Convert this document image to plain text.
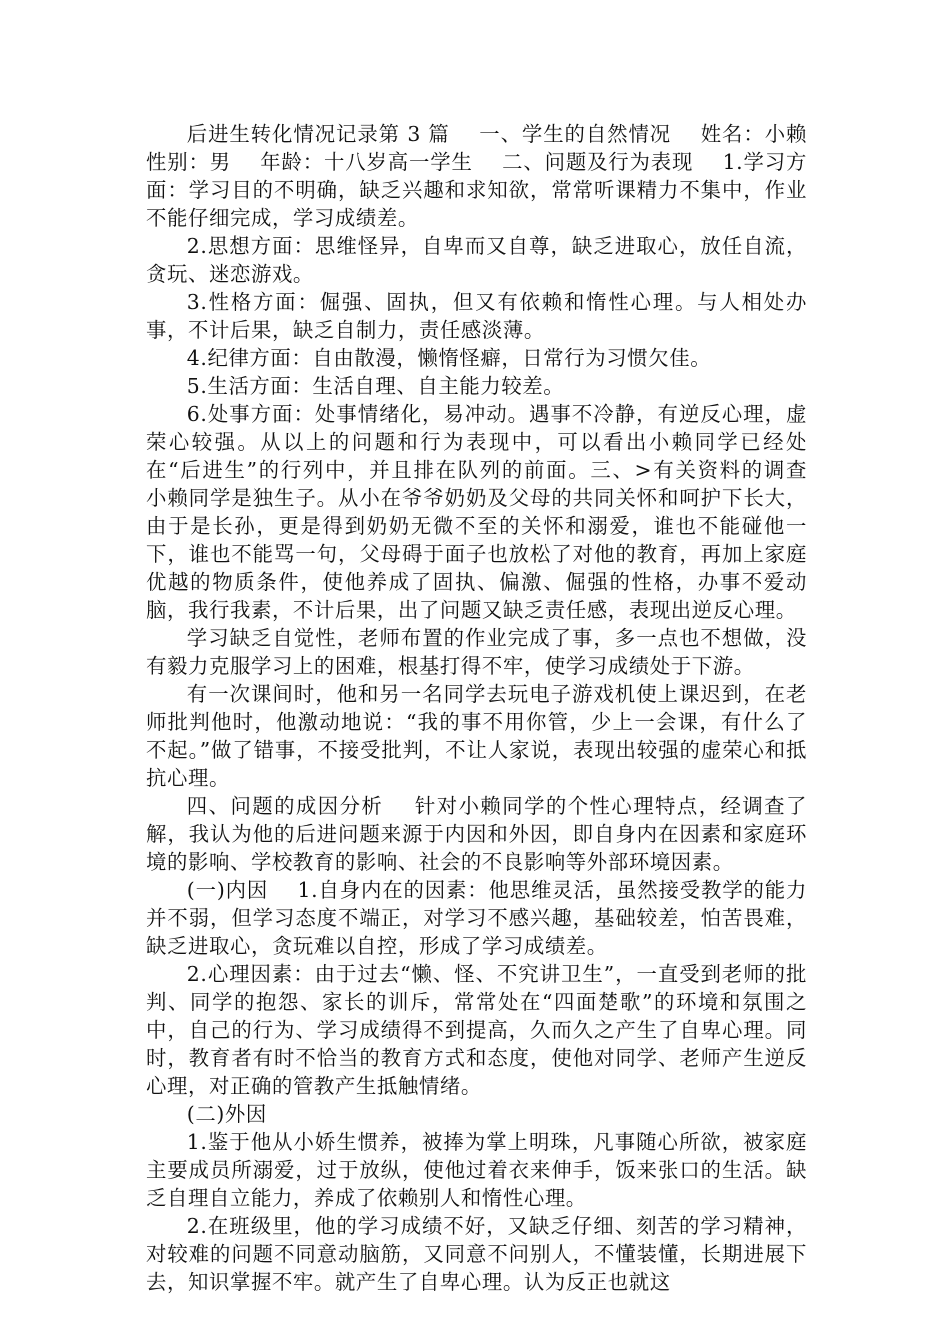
后进生转化情况记录第 3 篇    一、学生的自然情况    姓名：小赖    性别：男    年龄：十八岁高一学生    二、问题及行为表现    1.学习方面：学习目的不明确，缺乏兴趣和求知欲，常常听课精力不集中，作业不能仔细完成，学习成绩差。

2.思想方面：思维怪异，自卑而又自尊，缺乏进取心，放任自流，贪玩、迷恋游戏。

3.性格方面：倔强、固执，但又有依赖和惰性心理。与人相处办事，不计后果，缺乏自制力，责任感淡薄。

4.纪律方面：自由散漫，懒惰怪癖，日常行为习惯欠佳。

5.生活方面：生活自理、自主能力较差。

6.处事方面：处事情绪化，易冲动。遇事不冷静，有逆反心理，虚荣心较强。从以上的问题和行为表现中，可以看出小赖同学已经处在“后进生”的行列中，并且排在队列的前面。三、>有关资料的调查    小赖同学是独生子。从小在爷爷奶奶及父母的共同关怀和呵护下长大，由于是长孙，更是得到奶奶无微不至的关怀和溺爱，谁也不能碰他一下，谁也不能骂一句，父母碍于面子也放松了对他的教育，再加上家庭优越的物质条件，使他养成了固执、偏激、倔强的性格，办事不爱动脑，我行我素，不计后果，出了问题又缺乏责任感，表现出逆反心理。

学习缺乏自觉性，老师布置的作业完成了事，多一点也不想做，没有毅力克服学习上的困难，根基打得不牢，使学习成绩处于下游。

有一次课间时，他和另一名同学去玩电子游戏机使上课迟到，在老师批判他时，他激动地说：“我的事不用你管，少上一会课，有什么了不起。”做了错事，不接受批判，不让人家说，表现出较强的虚荣心和抵抗心理。

四、问题的成因分析    针对小赖同学的个性心理特点，经调查了解，我认为他的后进问题来源于内因和外因，即自身内在因素和家庭环境的影响、学校教育的影响、社会的不良影响等外部环境因素。

(一)内因    1.自身内在的因素：他思维灵活，虽然接受教学的能力并不弱，但学习态度不端正，对学习不感兴趣，基础较差，怕苦畏难，缺乏进取心，贪玩难以自控，形成了学习成绩差。

2.心理因素：由于过去“懒、怪、不究讲卫生”，一直受到老师的批判、同学的抱怨、家长的训斥，常常处在“四面楚歌”的环境和氛围之中，自己的行为、学习成绩得不到提高，久而久之产生了自卑心理。同时，教育者有时不恰当的教育方式和态度，使他对同学、老师产生逆反心理，对正确的管教产生抵触情绪。

(二)外因

1.鉴于他从小娇生惯养，被捧为掌上明珠，凡事随心所欲，被家庭主要成员所溺爱，过于放纵，使他过着衣来伸手，饭来张口的生活。缺乏自理自立能力，养成了依赖别人和惰性心理。

2.在班级里，他的学习成绩不好，又缺乏仔细、刻苦的学习精神，对较难的问题不同意动脑筋，又同意不问别人，不懂装懂，长期进展下去，知识掌握不牢。就产生了自卑心理。认为反正也就这
